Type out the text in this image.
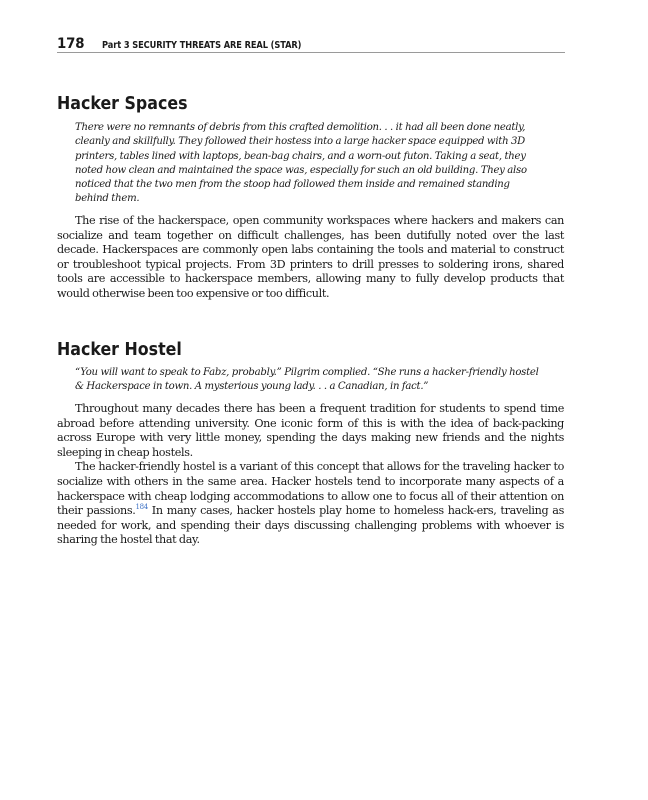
178 Part 3 SECURITY THREATS ARE REAL (STAR)
Hacker Spaces

There were no remnants of debris from this crafted demolition. . . it had all been done neatly, cleanly and skillfully. They followed their hostess into a large hacker space equipped with 3D printers, tables lined with laptops, bean-bag chairs, and a worn-out futon. Taking a seat, they noted how clean and maintained the space was, especially for such an old building. They also noticed that the two men from the stoop had followed them inside and remained standing behind them.

The rise of the hackerspace, open community workspaces where hackers and makers can socialize and team together on difficult challenges, has been dutifully noted over the last decade. Hackerspaces are commonly open labs containing the tools and material to construct or troubleshoot typical projects. From 3D printers to drill presses to soldering irons, shared tools are accessible to hackerspace members, allowing many to fully develop products that would otherwise been too expensive or too difficult.

Hacker Hostel

“You will want to speak to Fabz, probably.” Pilgrim complied. “She runs a hacker-friendly hostel & Hackerspace in town. A mysterious young lady. . . a Canadian, in fact.”

Throughout many decades there has been a frequent tradition for students to spend time abroad before attending university. One iconic form of this is with the idea of back-packing across Europe with very little money, spending the days making new friends and the nights sleeping in cheap hostels.

The hacker-friendly hostel is a variant of this concept that allows for the traveling hacker to socialize with others in the same area. Hacker hostels tend to incorporate many aspects of a hackerspace with cheap lodging accommodations to allow one to focus all of their attention on their passions.$^{184}$ In many cases, hacker hostels play home to homeless hack-ers, traveling as needed for work, and spending their days discussing challenging problems with whoever is sharing the hostel that day.
